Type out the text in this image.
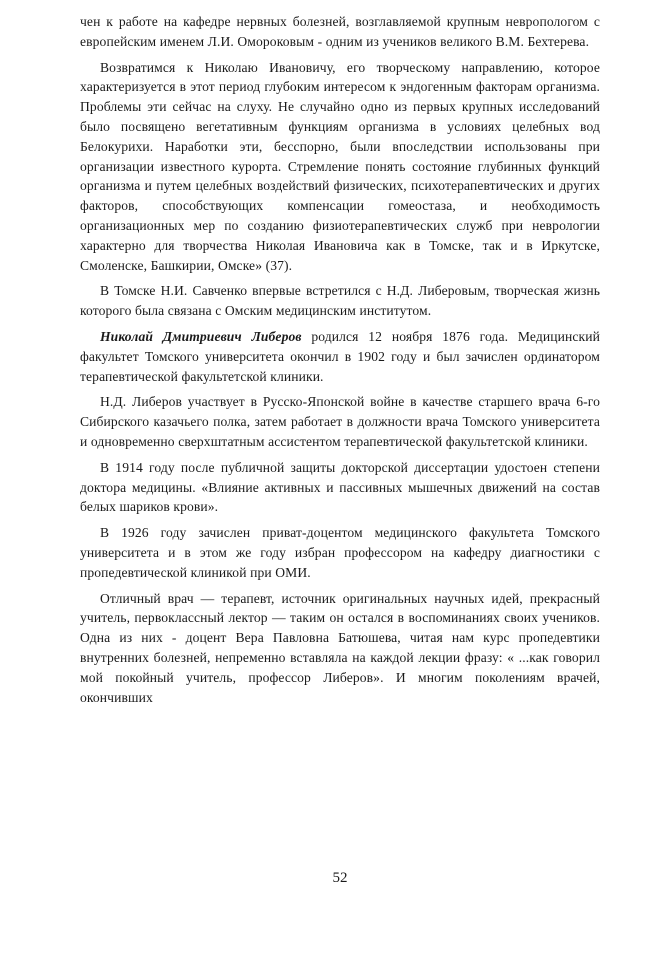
чен к работе на кафедре нервных болезней, возглавляемой крупным невропологом с европейским именем Л.И. Омороковым - одним из учеников великого В.М. Бехтерева.

Возвратимся к Николаю Ивановичу, его творческому направлению, которое характеризуется в этот период глубоким интересом к эндогенным факторам организма. Проблемы эти сейчас на слуху. Не случайно одно из первых крупных исследований было посвящено вегетативным функциям организма в условиях целебных вод Белокурихи. Наработки эти, бесспорно, были впоследствии использованы при организации известного курорта. Стремление понять состояние глубинных функций организма и путем целебных воздействий физических, психотерапевтических и других факторов, способствующих компенсации гомеостаза, и необходимость организационных мер по созданию физиотерапевтических служб при неврологии характерно для творчества Николая Ивановича как в Томске, так и в Иркутске, Смоленске, Башкирии, Омске» (37).

В Томске Н.И. Савченко впервые встретился с Н.Д. Либеровым, творческая жизнь которого была связана с Омским медицинским институтом.

Николай Дмитриевич Либеров родился 12 ноября 1876 года. Медицинский факультет Томского университета окончил в 1902 году и был зачислен ординатором терапевтической факультетской клиники.

Н.Д. Либеров участвует в Русско-Японской войне в качестве старшего врача 6-го Сибирского казачьего полка, затем работает в должности врача Томского университета и одновременно сверхштатным ассистентом терапевтической факультетской клиники.

В 1914 году после публичной защиты докторской диссертации удостоен степени доктора медицины. «Влияние активных и пассивных мышечных движений на состав белых шариков крови».

В 1926 году зачислен приват-доцентом медицинского факультета Томского университета и в этом же году избран профессором на кафедру диагностики с пропедевтической клиникой при ОМИ.

Отличный врач — терапевт, источник оригинальных научных идей, прекрасный учитель, первоклассный лектор — таким он остался в воспоминаниях своих учеников. Одна из них - доцент Вера Павловна Батюшева, читая нам курс пропедевтики внутренних болезней, непременно вставляла на каждой лекции фразу: « ...как говорил мой покойный учитель, профессор Либеров». И многим поколениям врачей, окончивших

52
